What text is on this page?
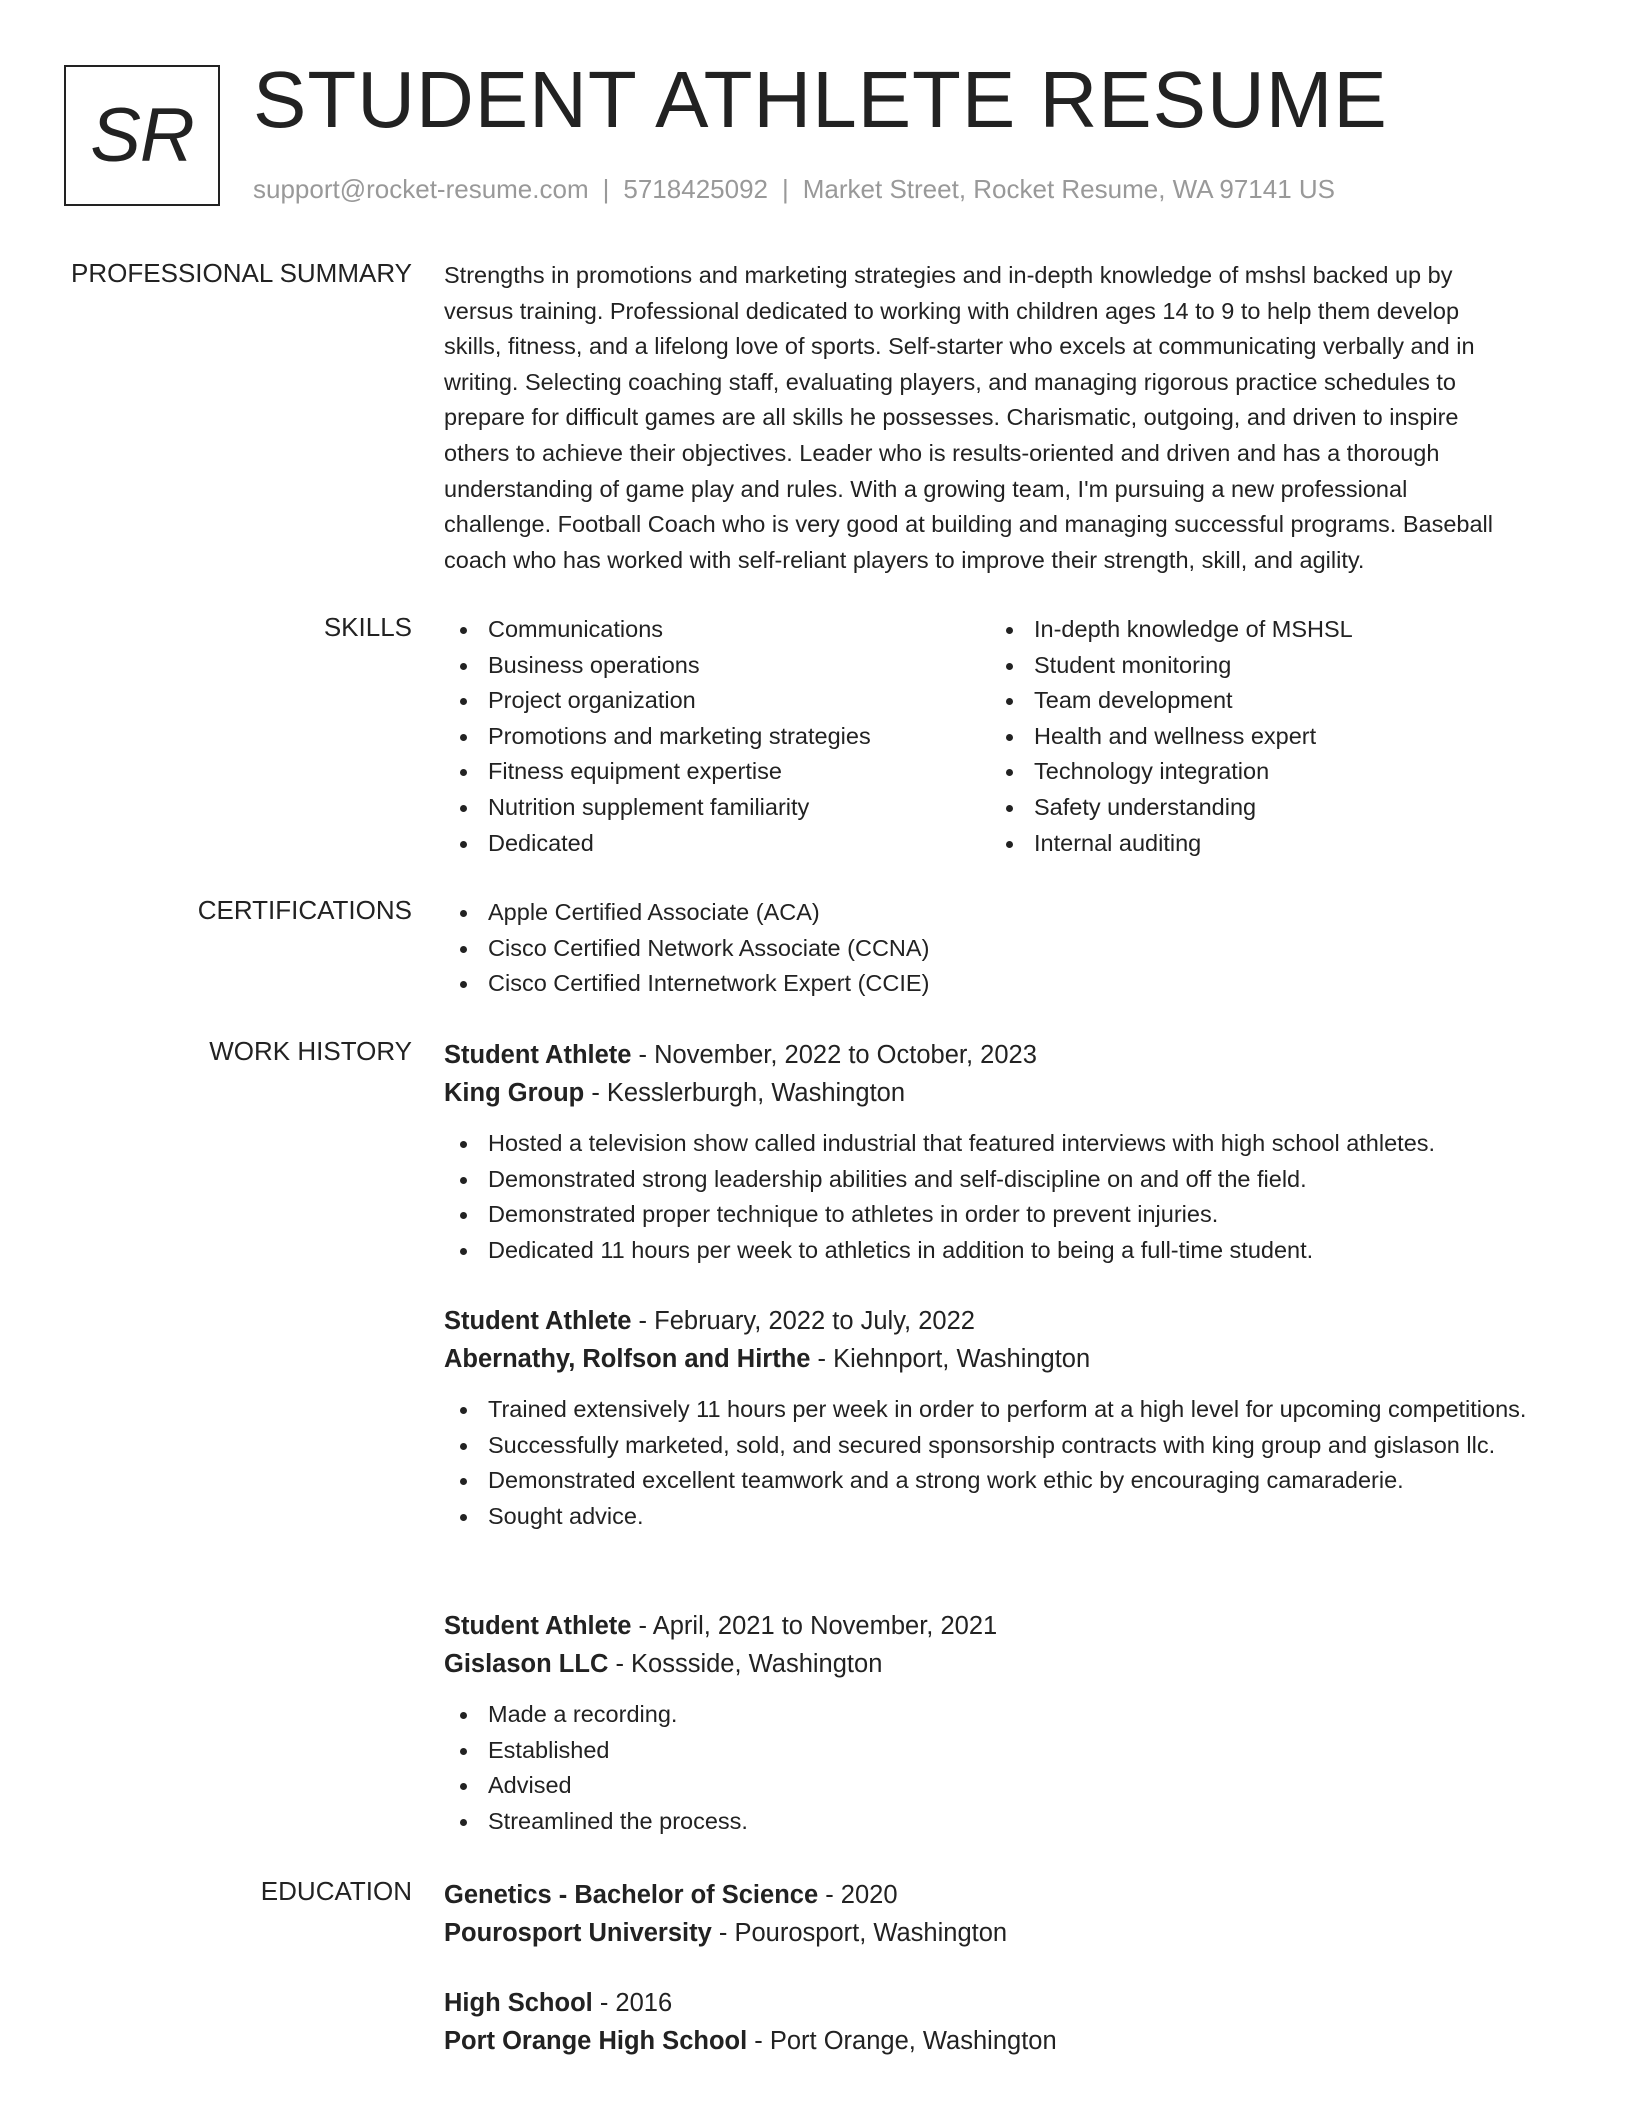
SR STUDENT ATHLETE RESUME
support@rocket-resume.com | 5718425092 | Market Street, Rocket Resume, WA 97141 US
PROFESSIONAL SUMMARY Strengths in promotions and marketing strategies and in-depth knowledge of mshsl backed up by
versus training. Professional dedicated to working with children ages 14 to 9 to help them develop
skills, fitness, and a lifelong love of sports. Self-starter who excels at communicating verbally and in
writing. Selecting coaching staff, evaluating players, and managing rigorous practice schedules to
prepare for difficult games are all skills he possesses. Charismatic, outgoing, and driven to inspire
others to achieve their objectives. Leader who is results-oriented and driven and has a thorough
understanding of game play and rules. With a growing team, I'm pursuing a new professional
challenge. Football Coach who is very good at building and managing successful programs. Baseball
coach who has worked with self-reliant players to improve their strength, skill, and agility.

SKILLS	Communications
Business operations
Project organization
Promotions and marketing strategies
Fitness equipment expertise
Nutrition supplement familiarity
Dedicated
In-depth knowledge of MSHSL
Student monitoring
Team development
Health and wellness expert
Technology integration
Safety understanding
Internal auditing
CERTIFICATIONS	Apple Certified Associate (ACA)
Cisco Certified Network Associate (CCNA)
Cisco Certified Internetwork Expert (CCIE)
WORK HISTORY Student Athlete - November, 2022 to October, 2023
King Group - Kesslerburgh, Washington
Hosted a television show called industrial that featured interviews with high school athletes.
Demonstrated strong leadership abilities and self-discipline on and off the field.
Demonstrated proper technique to athletes in order to prevent injuries.
Dedicated 11 hours per week to athletics in addition to being a full-time student.
Student Athlete - February, 2022 to July, 2022
Abernathy, Rolfson and Hirthe - Kiehnport, Washington
Trained extensively 11 hours per week in order to perform at a high level for upcoming competitions.
Successfully marketed, sold, and secured sponsorship contracts with king group and gislason llc.
Demonstrated excellent teamwork and a strong work ethic by encouraging camaraderie.
Sought advice.
Student Athlete - April, 2021 to November, 2021
Gislason LLC - Kossside, Washington
Made a recording.
Established
Advised
Streamlined the process.
EDUCATION Genetics - Bachelor of Science - 2020
Pourosport University - Pourosport, Washington
High School - 2016
Port Orange High School - Port Orange, Washington
